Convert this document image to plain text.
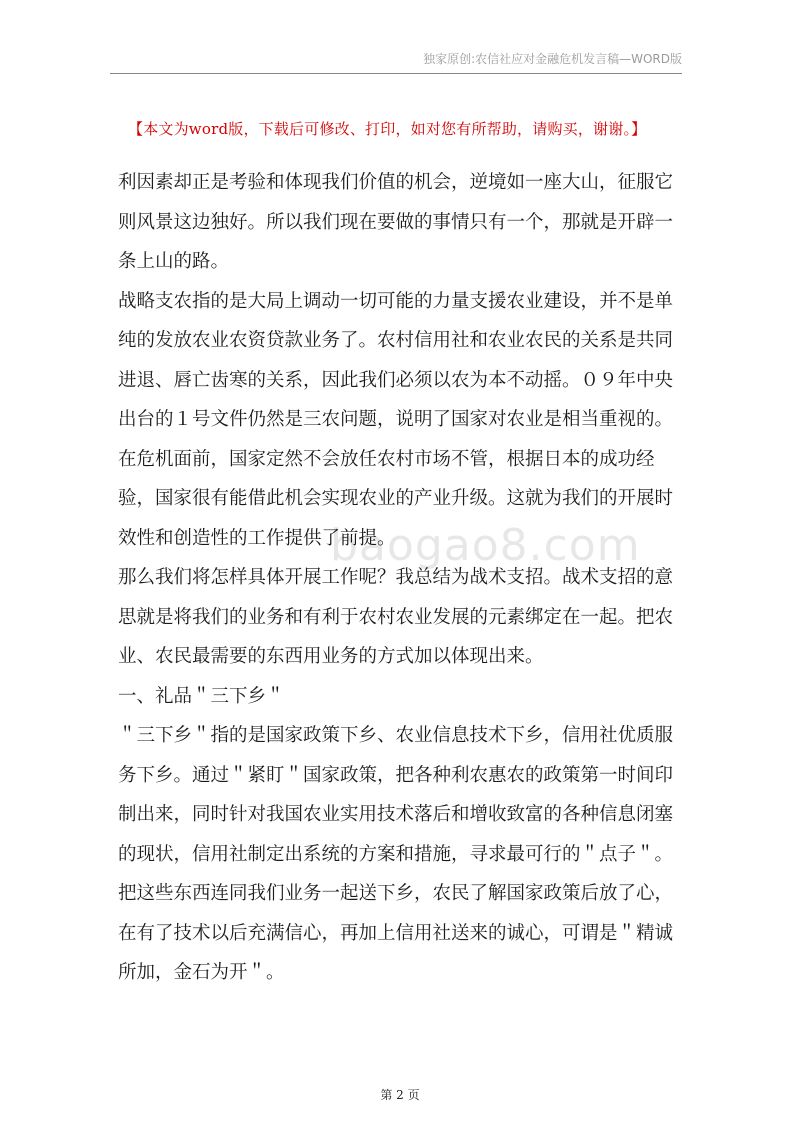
独家原创:农信社应对金融危机发言稿—WORD版
【本文为word版，下载后可修改、打印，如对您有所帮助，请购买，谢谢。】
baogao8.com

利因素却正是考验和体现我们价值的机会，逆境如一座大山，征服它则风景这边独好。所以我们现在要做的事情只有一个，那就是开辟一条上山的路。

战略支农指的是大局上调动一切可能的力量支援农业建设，并不是单纯的发放农业农资贷款业务了。农村信用社和农业农民的关系是共同进退、唇亡齿寒的关系，因此我们必须以农为本不动摇。０９年中央出台的１号文件仍然是三农问题，说明了国家对农业是相当重视的。在危机面前，国家定然不会放任农村市场不管，根据日本的成功经验，国家很有能借此机会实现农业的产业升级。这就为我们的开展时效性和创造性的工作提供了前提。

那么我们将怎样具体开展工作呢？我总结为战术支招。战术支招的意思就是将我们的业务和有利于农村农业发展的元素绑定在一起。把农业、农民最需要的东西用业务的方式加以体现出来。

一、礼品＂三下乡＂

＂三下乡＂指的是国家政策下乡、农业信息技术下乡，信用社优质服务下乡。通过＂紧盯＂国家政策，把各种利农惠农的政策第一时间印制出来，同时针对我国农业实用技术落后和增收致富的各种信息闭塞的现状，信用社制定出系统的方案和措施，寻求最可行的＂点子＂。把这些东西连同我们业务一起送下乡，农民了解国家政策后放了心，在有了技术以后充满信心，再加上信用社送来的诚心，可谓是＂精诚所加，金石为开＂。

第 2 页
